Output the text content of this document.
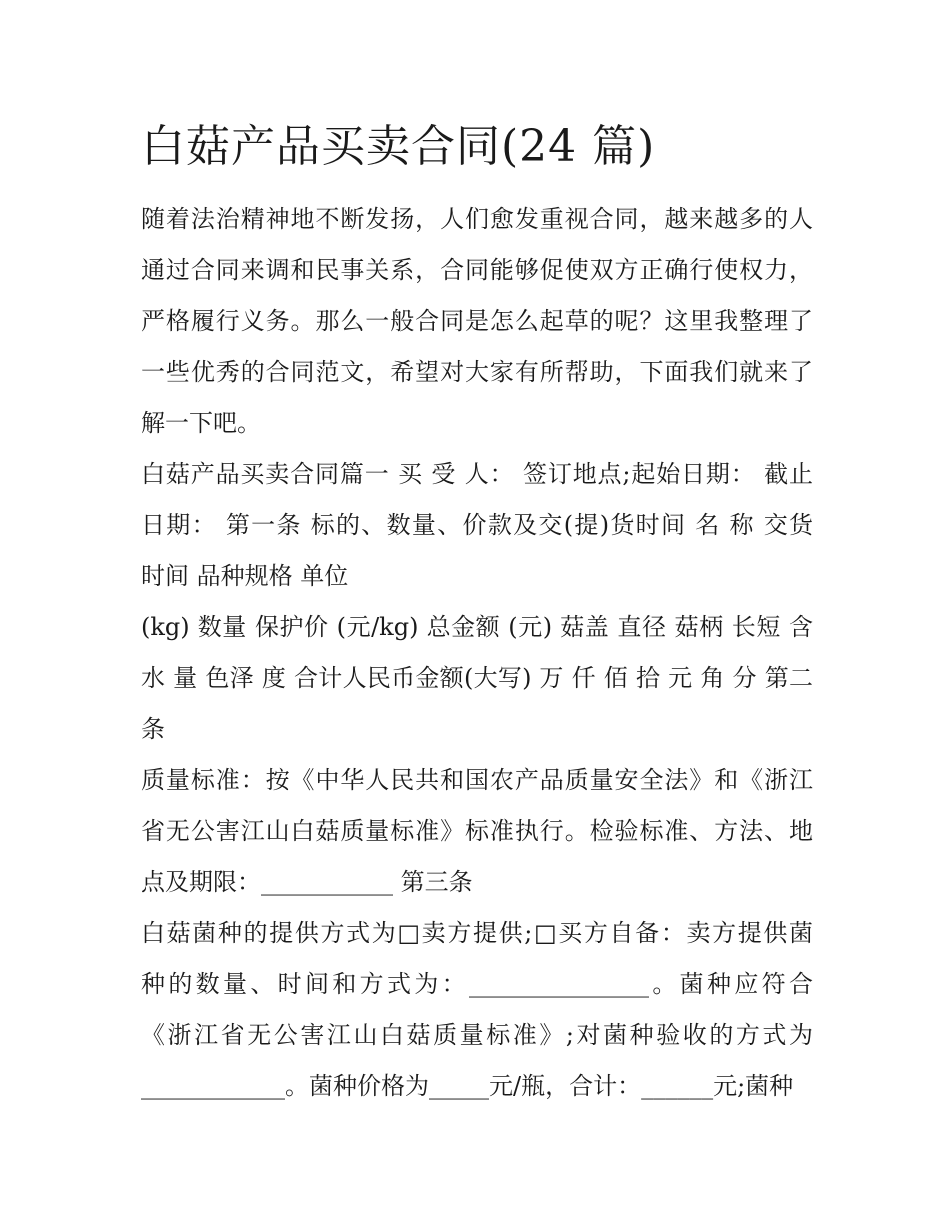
白菇产品买卖合同(24 篇)

随着法治精神地不断发扬，人们愈发重视合同，越来越多的人
通过合同来调和民事关系，合同能够促使双方正确行使权力，
严格履行义务。那么一般合同是怎么起草的呢？这里我整理了
一些优秀的合同范文，希望对大家有所帮助，下面我们就来了
解一下吧。

白菇产品买卖合同篇一 买 受 人： 签订地点;起始日期： 截止
日期： 第一条 标的、数量、价款及交(提)货时间 名 称 交货
时间 品种规格 单位

(kg) 数量 保护价 (元/kg) 总金额 (元) 菇盖 直径 菇柄 长短 含
水 量 色泽 度 合计人民币金额(大写) 万 仟 佰 拾 元 角 分 第二
条

质量标准：按《中华人民共和国农产品质量安全法》和《浙江
省无公害江山白菇质量标准》标准执行。检验标准、方法、地
点及期限：___________ 第三条

白菇菌种的提供方式为□卖方提供;□买方自备：卖方提供菌
种的数量、时间和方式为：_______________。菌种应符合
《浙江省无公害江山白菇质量标准》;对菌种验收的方式为
____________。菌种价格为_____元/瓶，合计：______元;菌种
